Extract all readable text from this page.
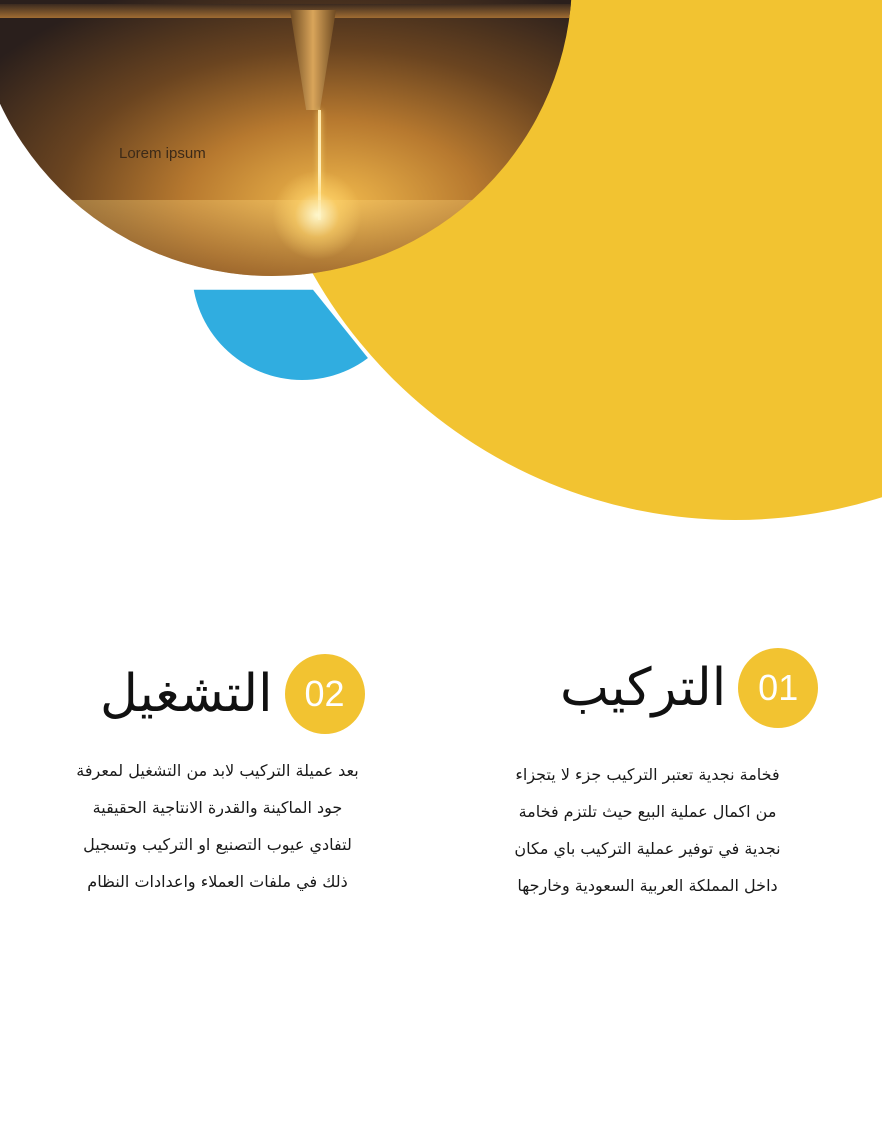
Lorem ipsum
01
التركيب
فخامة نجدية تعتبر التركيب جزء لا يتجزاء
من اكمال عملية البيع حيث تلتزم فخامة
نجدية في توفير عملية التركيب باي مكان
داخل المملكة العربية السعودية وخارجها
02
التشغيل
بعد عميلة التركيب لابد من التشغيل لمعرفة
جود الماكينة والقدرة الانتاجية الحقيقية
لتفادي عيوب التصنيع او التركيب وتسجيل
ذلك في ملفات العملاء واعدادات النظام
